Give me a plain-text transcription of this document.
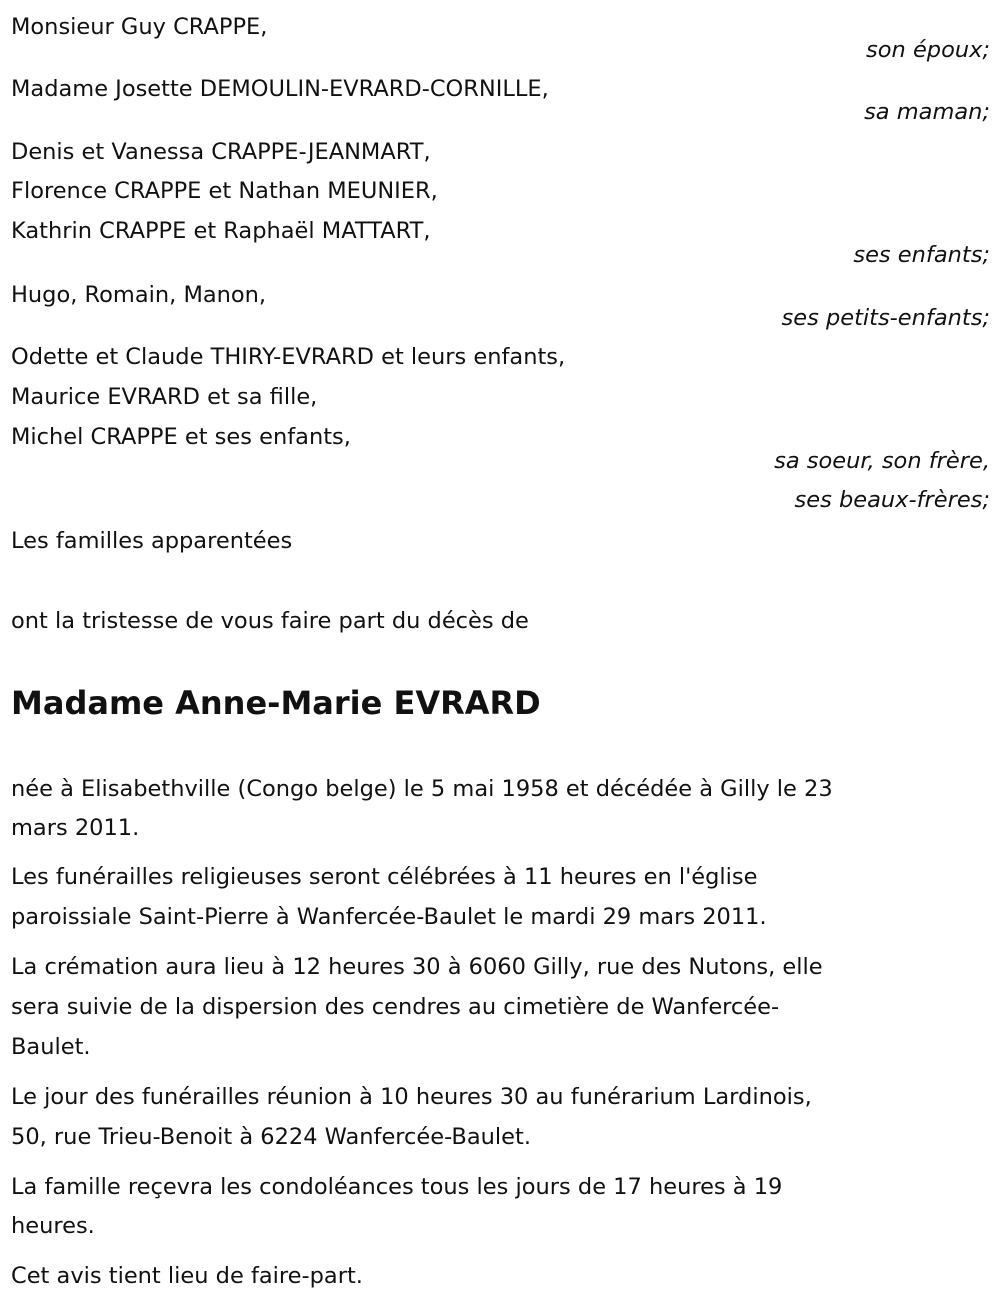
Monsieur Guy CRAPPE,
son époux;
Madame Josette DEMOULIN-EVRARD-CORNILLE,
sa maman;
Denis et Vanessa CRAPPE-JEANMART,
Florence CRAPPE et Nathan MEUNIER,
Kathrin CRAPPE et Raphaël MATTART,
ses enfants;
Hugo, Romain, Manon,
ses petits-enfants;
Odette et Claude THIRY-EVRARD et leurs enfants,
Maurice EVRARD et sa fille,
Michel CRAPPE et ses enfants,
sa soeur, son frère,
ses beaux-frères;
Les familles apparentées
ont la tristesse de vous faire part du décès de
Madame Anne-Marie EVRARD
née à Elisabethville (Congo belge) le 5 mai 1958 et décédée à Gilly le 23
mars 2011.
Les funérailles religieuses seront célébrées à 11 heures en l'église
paroissiale Saint-Pierre à Wanfercée-Baulet le mardi 29 mars 2011.
La crémation aura lieu à 12 heures 30 à 6060 Gilly, rue des Nutons, elle
sera suivie de la dispersion des cendres au cimetière de Wanfercée-
Baulet.
Le jour des funérailles réunion à 10 heures 30 au funérarium Lardinois,
50, rue Trieu-Benoit à 6224 Wanfercée-Baulet.
La famille reçevra les condoléances tous les jours de 17 heures à 19
heures.
Cet avis tient lieu de faire-part.
